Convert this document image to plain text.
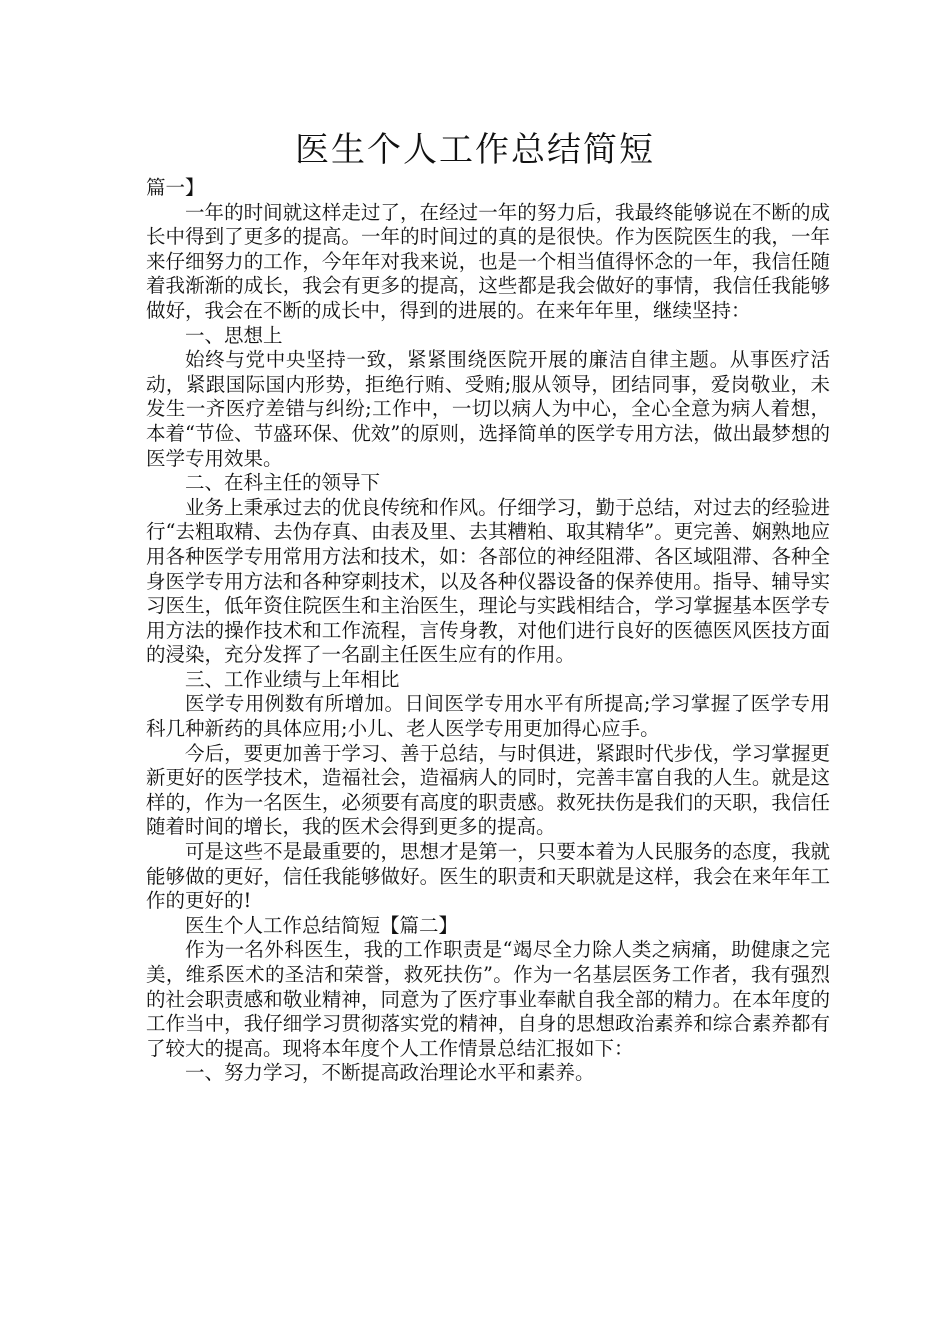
医生个人工作总结简短

篇一】

一年的时间就这样走过了，在经过一年的努力后，我最终能够说在不断的成长中得到了更多的提高。一年的时间过的真的是很快。作为医院医生的我，一年来仔细努力的工作，今年年对我来说，也是一个相当值得怀念的一年，我信任随着我渐渐的成长，我会有更多的提高，这些都是我会做好的事情，我信任我能够做好，我会在不断的成长中，得到的进展的。在来年年里，继续坚持：

一、思想上

始终与党中央坚持一致，紧紧围绕医院开展的廉洁自律主题。从事医疗活动，紧跟国际国内形势，拒绝行贿、受贿;服从领导，团结同事，爱岗敬业，未发生一齐医疗差错与纠纷;工作中，一切以病人为中心，全心全意为病人着想，本着“节俭、节盛环保、优效”的原则，选择简单的医学专用方法，做出最梦想的医学专用效果。

二、在科主任的领导下

业务上秉承过去的优良传统和作风。仔细学习，勤于总结，对过去的经验进行“去粗取精、去伪存真、由表及里、去其糟粕、取其精华”。更完善、娴熟地应用各种医学专用常用方法和技术，如：各部位的神经阻滞、各区域阻滞、各种全身医学专用方法和各种穿刺技术，以及各种仪器设备的保养使用。指导、辅导实习医生，低年资住院医生和主治医生，理论与实践相结合，学习掌握基本医学专用方法的操作技术和工作流程，言传身教，对他们进行良好的医德医风医技方面的浸染，充分发挥了一名副主任医生应有的作用。

三、工作业绩与上年相比

医学专用例数有所增加。日间医学专用水平有所提高;学习掌握了医学专用科几种新药的具体应用;小儿、老人医学专用更加得心应手。

今后，要更加善于学习、善于总结，与时俱进，紧跟时代步伐，学习掌握更新更好的医学技术，造福社会，造福病人的同时，完善丰富自我的人生。就是这样的，作为一名医生，必须要有高度的职责感。救死扶伤是我们的天职，我信任随着时间的增长，我的医术会得到更多的提高。

可是这些不是最重要的，思想才是第一，只要本着为人民服务的态度，我就能够做的更好，信任我能够做好。医生的职责和天职就是这样，我会在来年年工作的更好的!

医生个人工作总结简短【篇二】

作为一名外科医生，我的工作职责是“竭尽全力除人类之病痛，助健康之完美，维系医术的圣洁和荣誉，救死扶伤”。作为一名基层医务工作者，我有强烈的社会职责感和敬业精神，同意为了医疗事业奉献自我全部的精力。在本年度的工作当中，我仔细学习贯彻落实党的精神，自身的思想政治素养和综合素养都有了较大的提高。现将本年度个人工作情景总结汇报如下：

一、努力学习，不断提高政治理论水平和素养。
